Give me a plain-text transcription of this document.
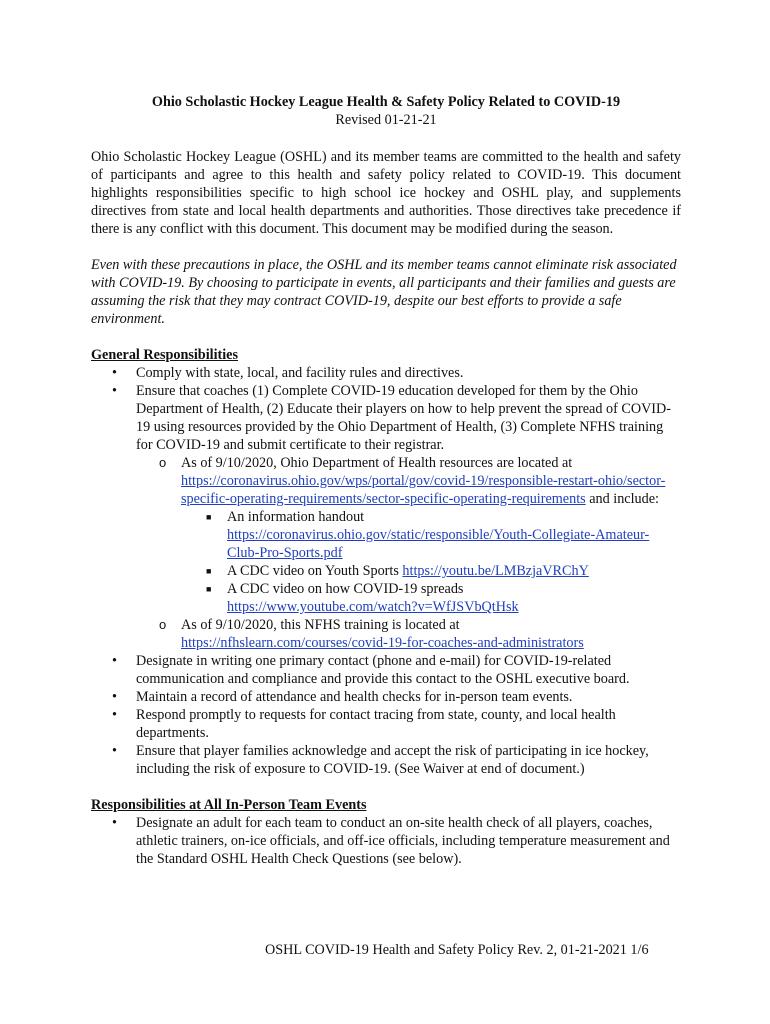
Ohio Scholastic Hockey League Health & Safety Policy Related to COVID-19
Revised 01-21-21

Ohio Scholastic Hockey League (OSHL) and its member teams are committed to the health and safety of participants and agree to this health and safety policy related to COVID-19. This document highlights responsibilities specific to high school ice hockey and OSHL play, and supplements directives from state and local health departments and authorities. Those directives take precedence if there is any conflict with this document. This document may be modified during the season.

Even with these precautions in place, the OSHL and its member teams cannot eliminate risk associated with COVID-19. By choosing to participate in events, all participants and their families and guests are assuming the risk that they may contract COVID-19, despite our best efforts to provide a safe environment.

General Responsibilities

• Comply with state, local, and facility rules and directives.
• Ensure that coaches (1) Complete COVID-19 education developed for them by the Ohio Department of Health, (2) Educate their players on how to help prevent the spread of COVID-19 using resources provided by the Ohio Department of Health, (3) Complete NFHS training for COVID-19 and submit certificate to their registrar.
o As of 9/10/2020, Ohio Department of Health resources are located at https://coronavirus.ohio.gov/wps/portal/gov/covid-19/responsible-restart-ohio/sector-specific-operating-requirements/sector-specific-operating-requirements and include:
■ An information handout
https://coronavirus.ohio.gov/static/responsible/Youth-Collegiate-Amateur-Club-Pro-Sports.pdf
■ A CDC video on Youth Sports https://youtu.be/LMBzjaVRChY
■ A CDC video on how COVID-19 spreads
https://www.youtube.com/watch?v=WfJSVbQtHsk
o As of 9/10/2020, this NFHS training is located at
https://nfhslearn.com/courses/covid-19-for-coaches-and-administrators
• Designate in writing one primary contact (phone and e-mail) for COVID-19-related communication and compliance and provide this contact to the OSHL executive board.
• Maintain a record of attendance and health checks for in-person team events.
• Respond promptly to requests for contact tracing from state, county, and local health departments.
• Ensure that player families acknowledge and accept the risk of participating in ice hockey, including the risk of exposure to COVID-19. (See Waiver at end of document.)

Responsibilities at All In-Person Team Events

• Designate an adult for each team to conduct an on-site health check of all players, coaches, athletic trainers, on-ice officials, and off-ice officials, including temperature measurement and the Standard OSHL Health Check Questions (see below).
OSHL COVID-19 Health and Safety Policy Rev. 2, 01-21-2021 1/6
